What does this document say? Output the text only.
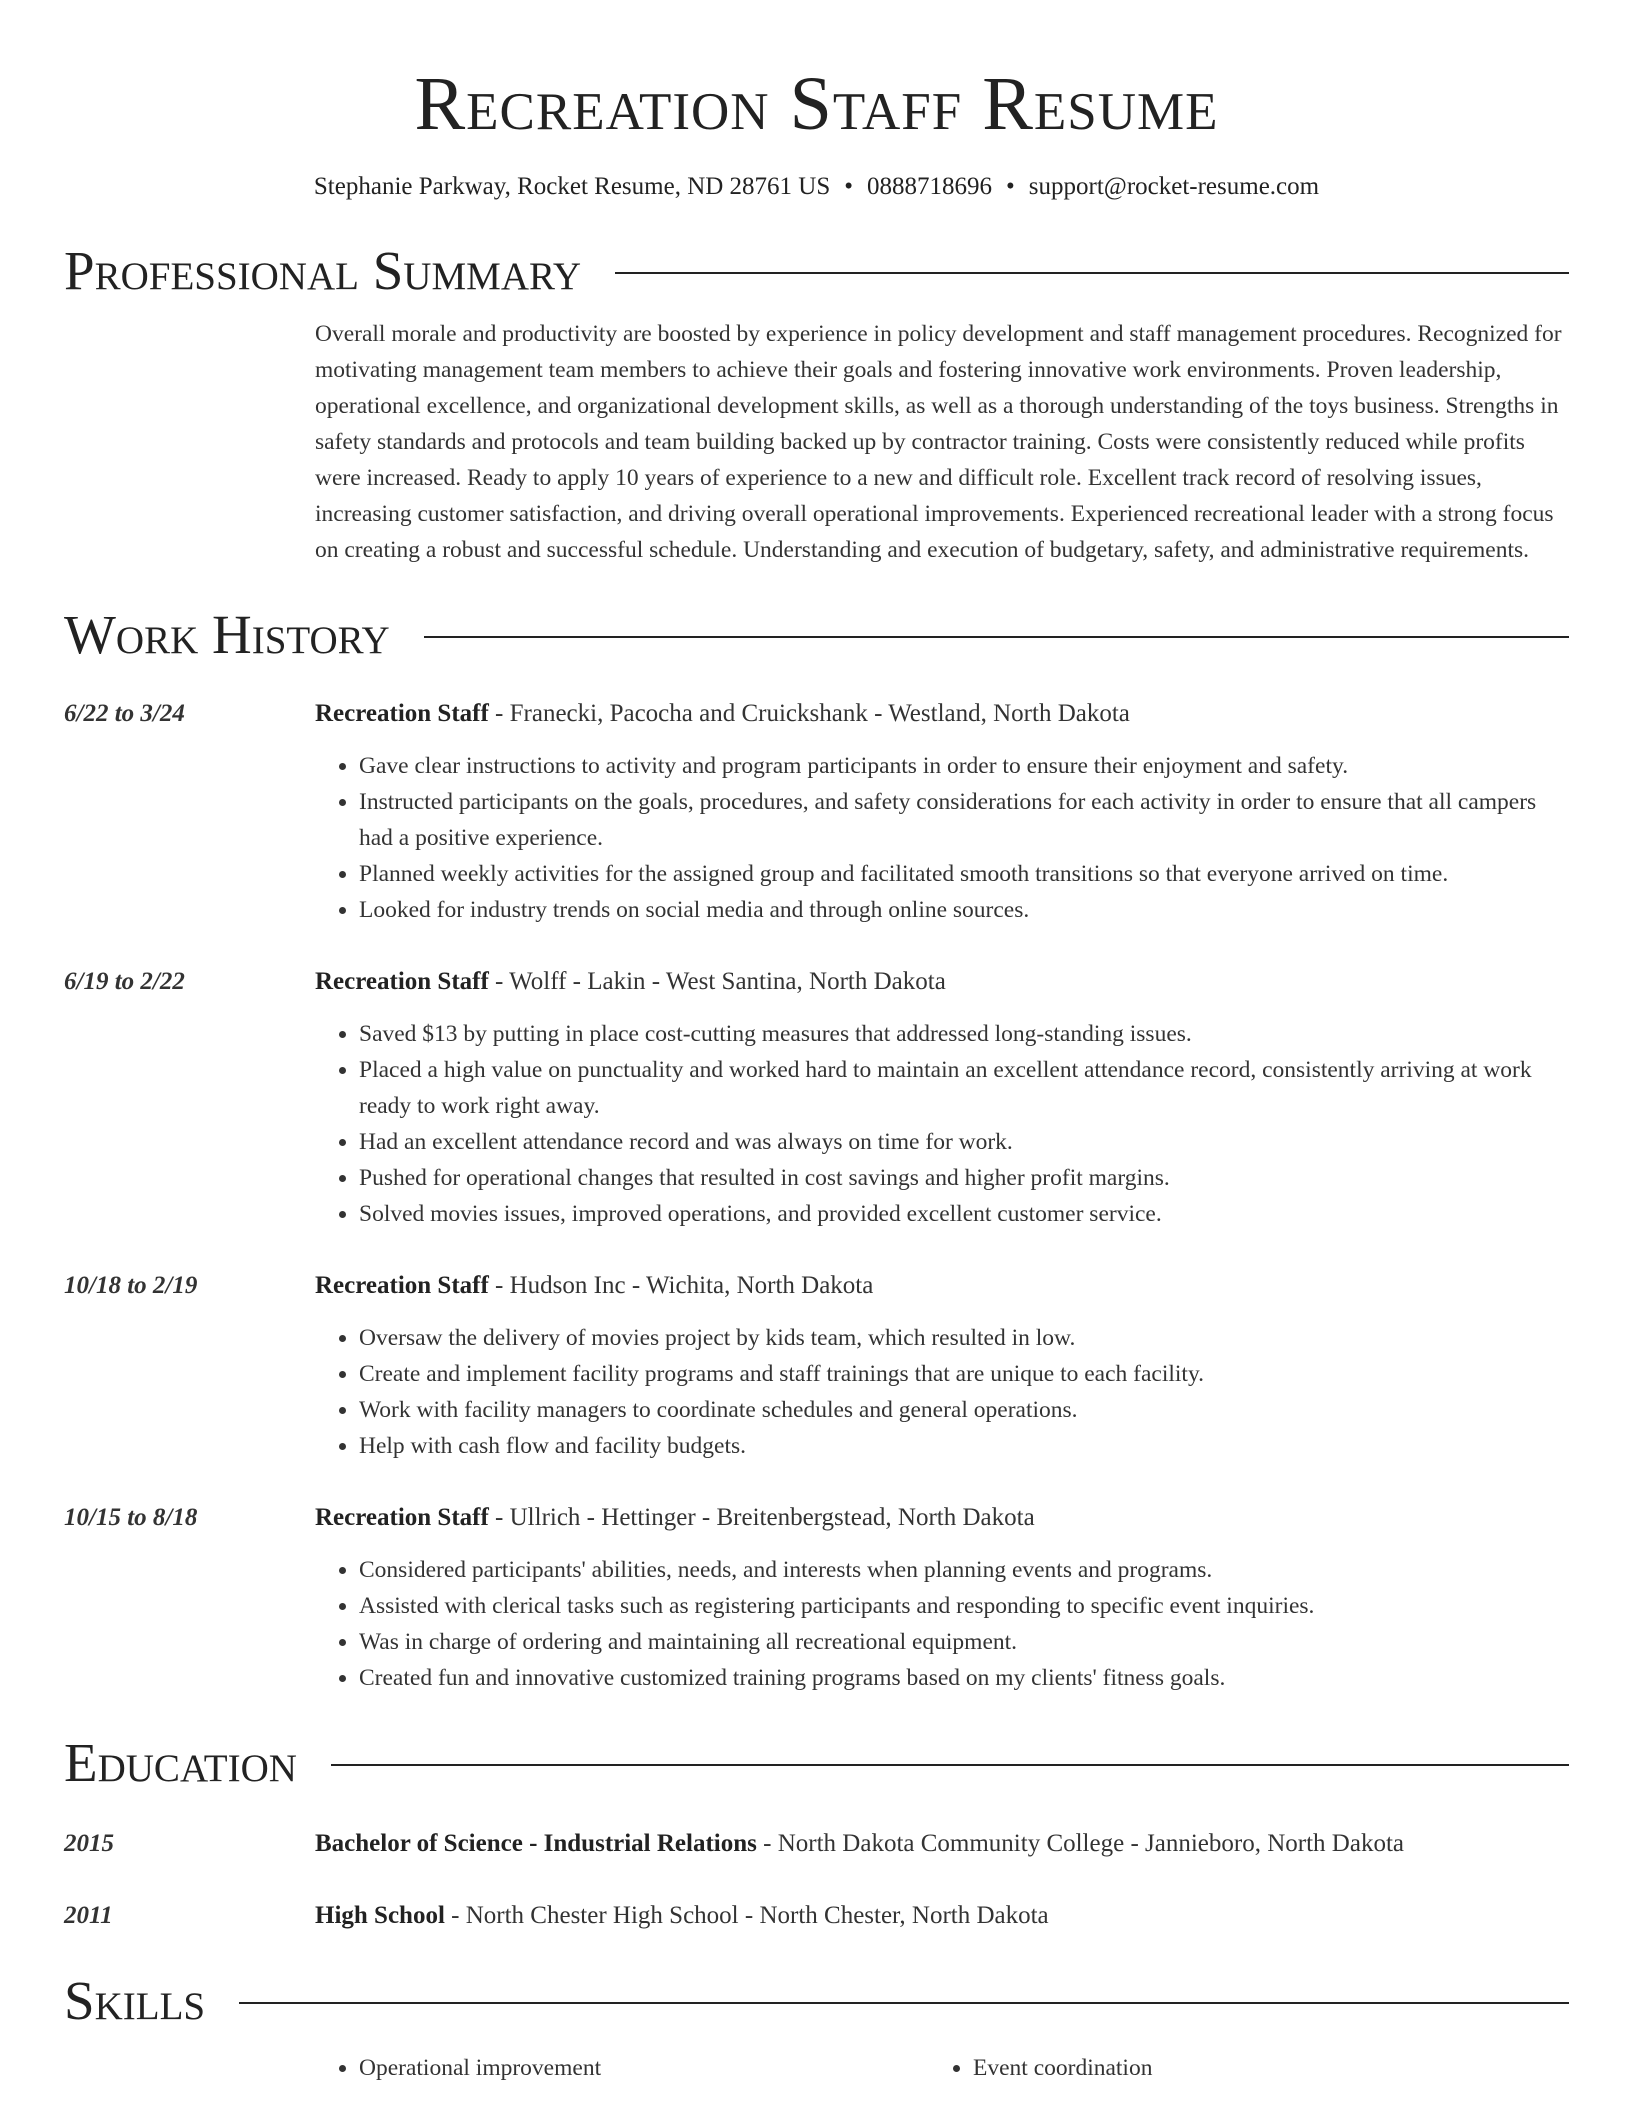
Recreation Staff Resume
Stephanie Parkway, Rocket Resume, ND 28761 US • 0888718696 • support@rocket-resume.com
Professional Summary
Overall morale and productivity are boosted by experience in policy development and staff management procedures. Recognized for motivating management team members to achieve their goals and fostering innovative work environments. Proven leadership, operational excellence, and organizational development skills, as well as a thorough understanding of the toys business. Strengths in safety standards and protocols and team building backed up by contractor training. Costs were consistently reduced while profits were increased. Ready to apply 10 years of experience to a new and difficult role. Excellent track record of resolving issues, increasing customer satisfaction, and driving overall operational improvements. Experienced recreational leader with a strong focus on creating a robust and successful schedule. Understanding and execution of budgetary, safety, and administrative requirements.
Work History
6/22 to 3/24	Recreation Staff - Franecki, Pacocha and Cruickshank - Westland, North Dakota
• Gave clear instructions to activity and program participants in order to ensure their enjoyment and safety.
• Instructed participants on the goals, procedures, and safety considerations for each activity in order to ensure that all campers had a positive experience.
• Planned weekly activities for the assigned group and facilitated smooth transitions so that everyone arrived on time.
• Looked for industry trends on social media and through online sources.
6/19 to 2/22	Recreation Staff - Wolff - Lakin - West Santina, North Dakota
• Saved $13 by putting in place cost-cutting measures that addressed long-standing issues.
• Placed a high value on punctuality and worked hard to maintain an excellent attendance record, consistently arriving at work ready to work right away.
• Had an excellent attendance record and was always on time for work.
• Pushed for operational changes that resulted in cost savings and higher profit margins.
• Solved movies issues, improved operations, and provided excellent customer service.
10/18 to 2/19	Recreation Staff - Hudson Inc - Wichita, North Dakota
• Oversaw the delivery of movies project by kids team, which resulted in low.
• Create and implement facility programs and staff trainings that are unique to each facility.
• Work with facility managers to coordinate schedules and general operations.
• Help with cash flow and facility budgets.
10/15 to 8/18	Recreation Staff - Ullrich - Hettinger - Breitenbergstead, North Dakota
• Considered participants' abilities, needs, and interests when planning events and programs.
• Assisted with clerical tasks such as registering participants and responding to specific event inquiries.
• Was in charge of ordering and maintaining all recreational equipment.
• Created fun and innovative customized training programs based on my clients' fitness goals.
Education
2015	Bachelor of Science - Industrial Relations - North Dakota Community College - Jannieboro, North Dakota
2011	High School - North Chester High School - North Chester, North Dakota
Skills
• Operational improvement
•	Event coordination
